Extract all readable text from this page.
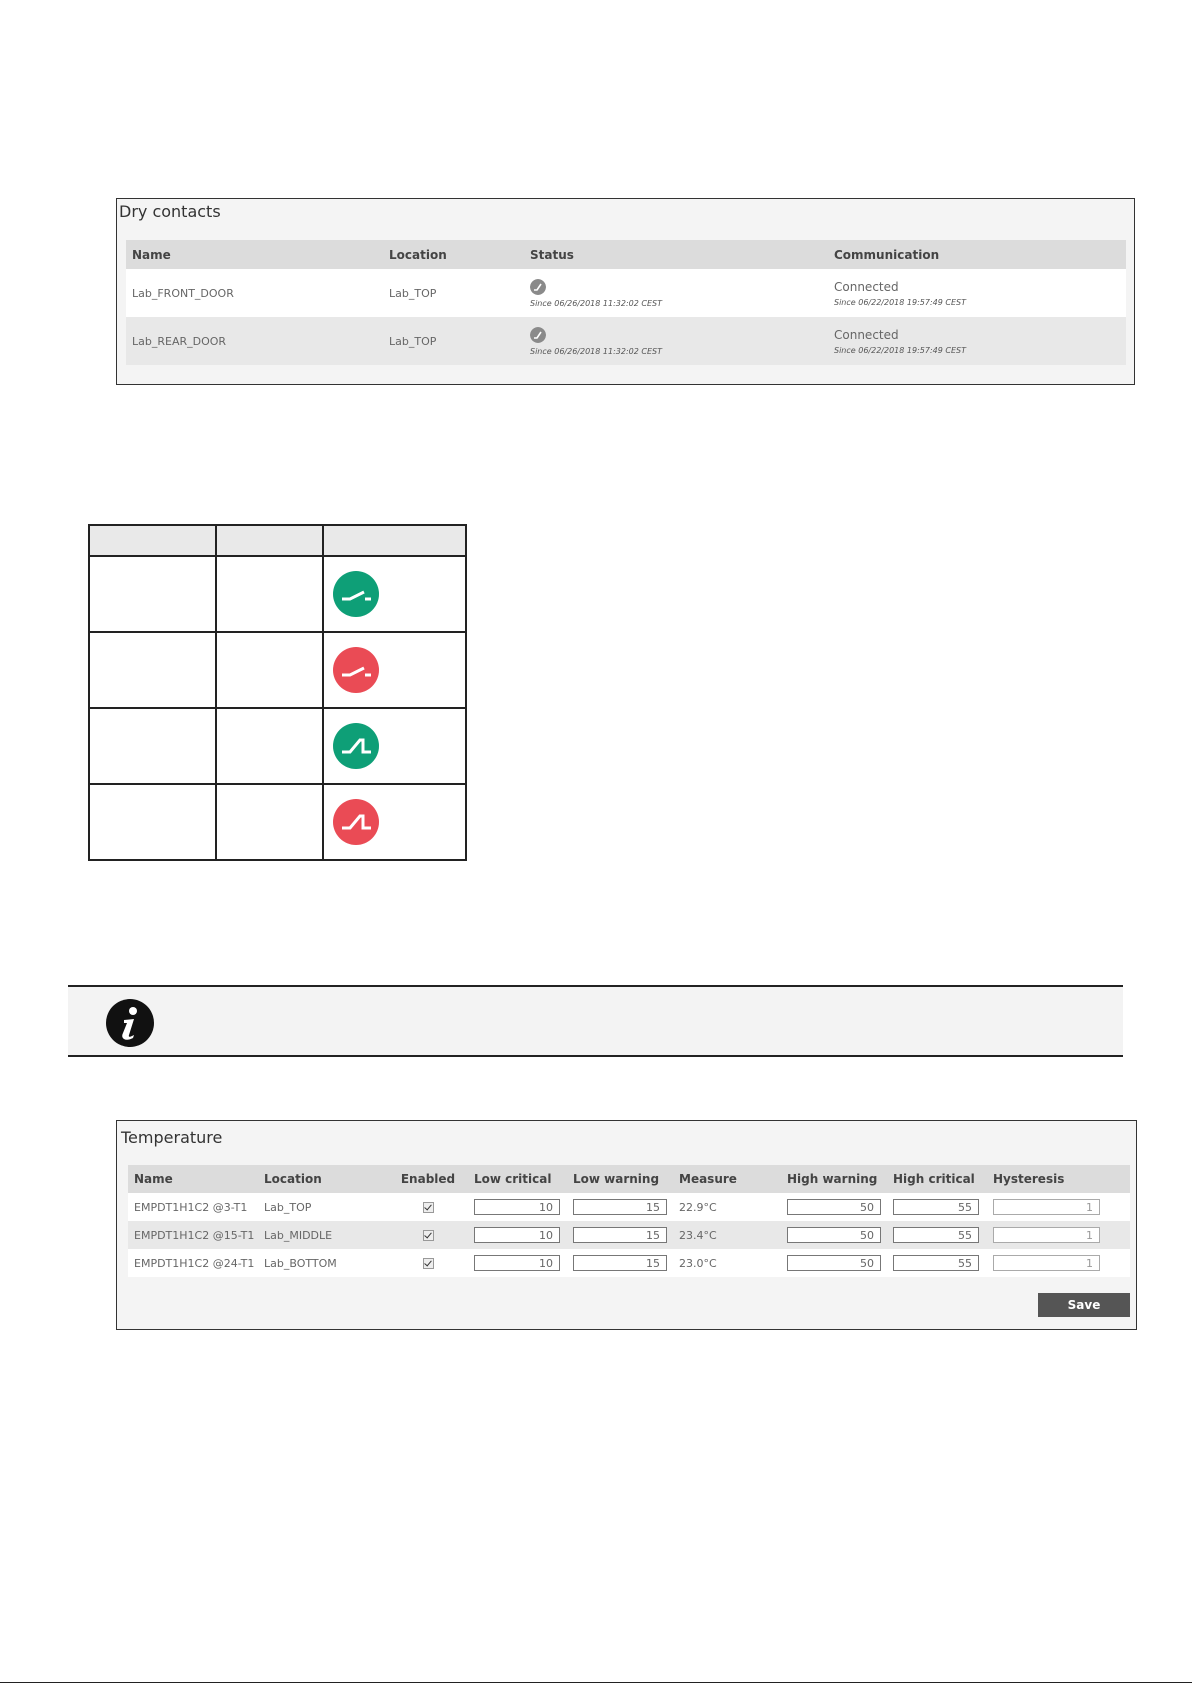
Dry contacts
Name	Location	Status	Communication
Lab_FRONT_DOOR	Lab_TOP	Since 06/26/2018 11:32:02 CEST	Connected
Since 06/22/2018 19:57:49 CEST

Lab_REAR_DOOR	Lab_TOP	Since 06/26/2018 11:32:02 CEST	Connected
Since 06/22/2018 19:57:49 CEST

Temperature
Name	Location	Enabled	Low critical	Low warning	Measure	High warning	High critical	Hysteresis
EMPDT1H1C2 @3-T1	Lab_TOP		10	15	22.9°C	50	55	1
EMPDT1H1C2 @15-T1	Lab_MIDDLE		10	15	23.4°C	50	55	1
EMPDT1H1C2 @24-T1	Lab_BOTTOM		10	15	23.0°C	50	55	1
Save
